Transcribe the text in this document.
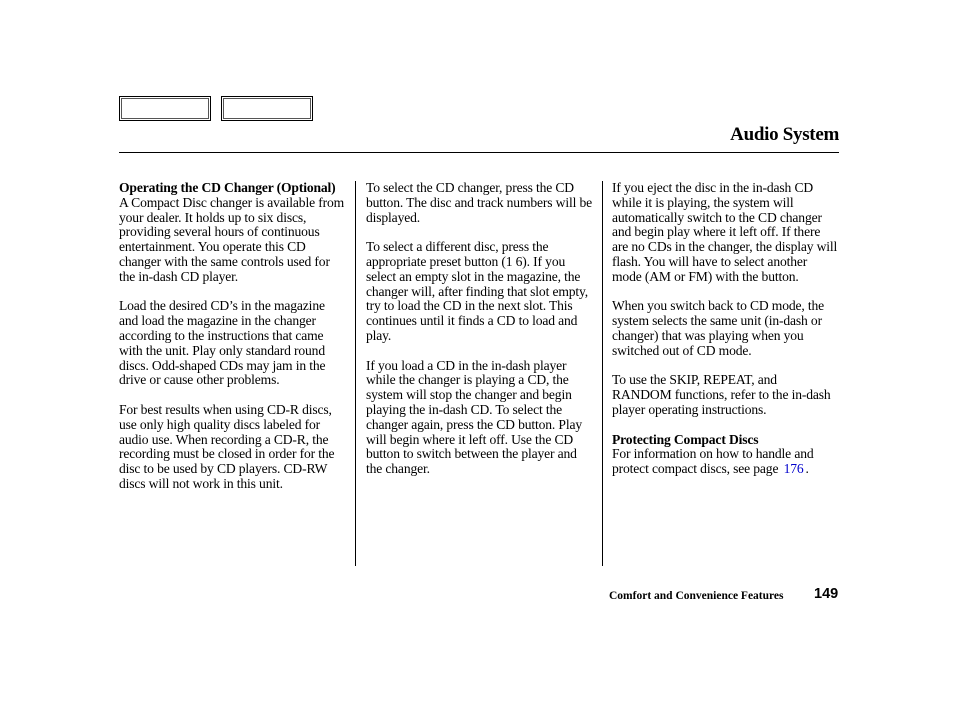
Audio System

Operating the CD Changer (Optional)
A Compact Disc changer is available from your dealer. It holds up to six discs, providing several hours of continuous entertainment. You operate this CD changer with the same controls used for the in-dash CD player.

Load the desired CD’s in the magazine and load the magazine in the changer according to the instructions that came with the unit. Play only standard round discs. Odd-shaped CDs may jam in the drive or cause other problems.

For best results when using CD-R discs, use only high quality discs labeled for audio use. When recording a CD-R, the recording must be closed in order for the disc to be used by CD players. CD-RW discs will not work in this unit.

To select the CD changer, press the CD button. The disc and track numbers will be displayed.

To select a different disc, press the appropriate preset button (1 6). If you select an empty slot in the magazine, the changer will, after finding that slot empty, try to load the CD in the next slot. This continues until it finds a CD to load and play.

If you load a CD in the in-dash player while the changer is playing a CD, the system will stop the changer and begin playing the in-dash CD. To select the changer again, press the CD button. Play will begin where it left off. Use the CD button to switch between the player and the changer.

If you eject the disc in the in-dash CD while it is playing, the system will automatically switch to the CD changer and begin play where it left off. If there are no CDs in the changer, the display will flash. You will have to select another mode (AM or FM) with the button.

When you switch back to CD mode, the system selects the same unit (in-dash or changer) that was playing when you switched out of CD mode.

To use the SKIP, REPEAT, and RANDOM functions, refer to the in-dash player operating instructions.

Protecting Compact Discs
For information on how to handle and protect compact discs, see page 176 .

Comfort and Convenience Features 149
